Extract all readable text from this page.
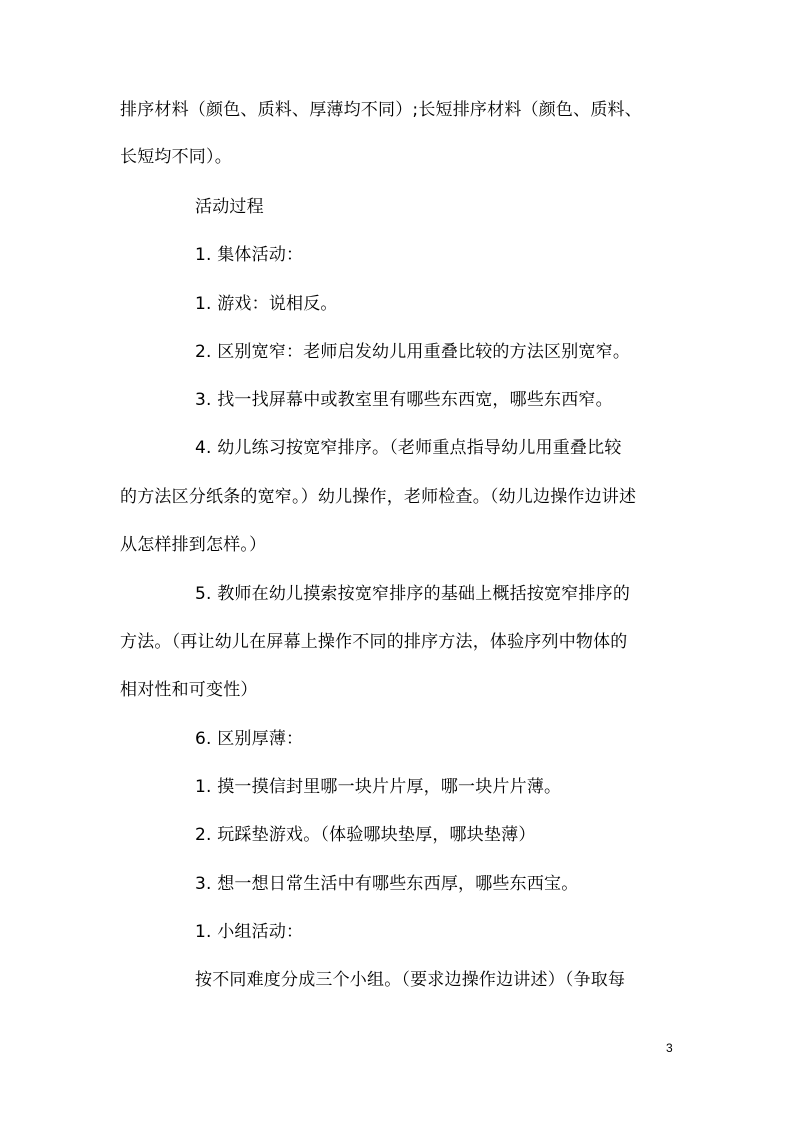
排序材料（颜色、质料、厚薄均不同）;长短排序材料（颜色、质料、
长短均不同）。
活动过程
1. 集体活动：
1. 游戏：说相反。
2. 区别宽窄：老师启发幼儿用重叠比较的方法区别宽窄。
3. 找一找屏幕中或教室里有哪些东西宽，哪些东西窄。
4. 幼儿练习按宽窄排序。（老师重点指导幼儿用重叠比较
的方法区分纸条的宽窄。）幼儿操作，老师检查。（幼儿边操作边讲述
从怎样排到怎样。）
5. 教师在幼儿摸索按宽窄排序的基础上概括按宽窄排序的
方法。（再让幼儿在屏幕上操作不同的排序方法，体验序列中物体的
相对性和可变性）
6. 区别厚薄：
1. 摸一摸信封里哪一块片片厚，哪一块片片薄。
2. 玩踩垫游戏。（体验哪块垫厚，哪块垫薄）
3. 想一想日常生活中有哪些东西厚，哪些东西宝。
1. 小组活动：
按不同难度分成三个小组。（要求边操作边讲述）（争取每
3
